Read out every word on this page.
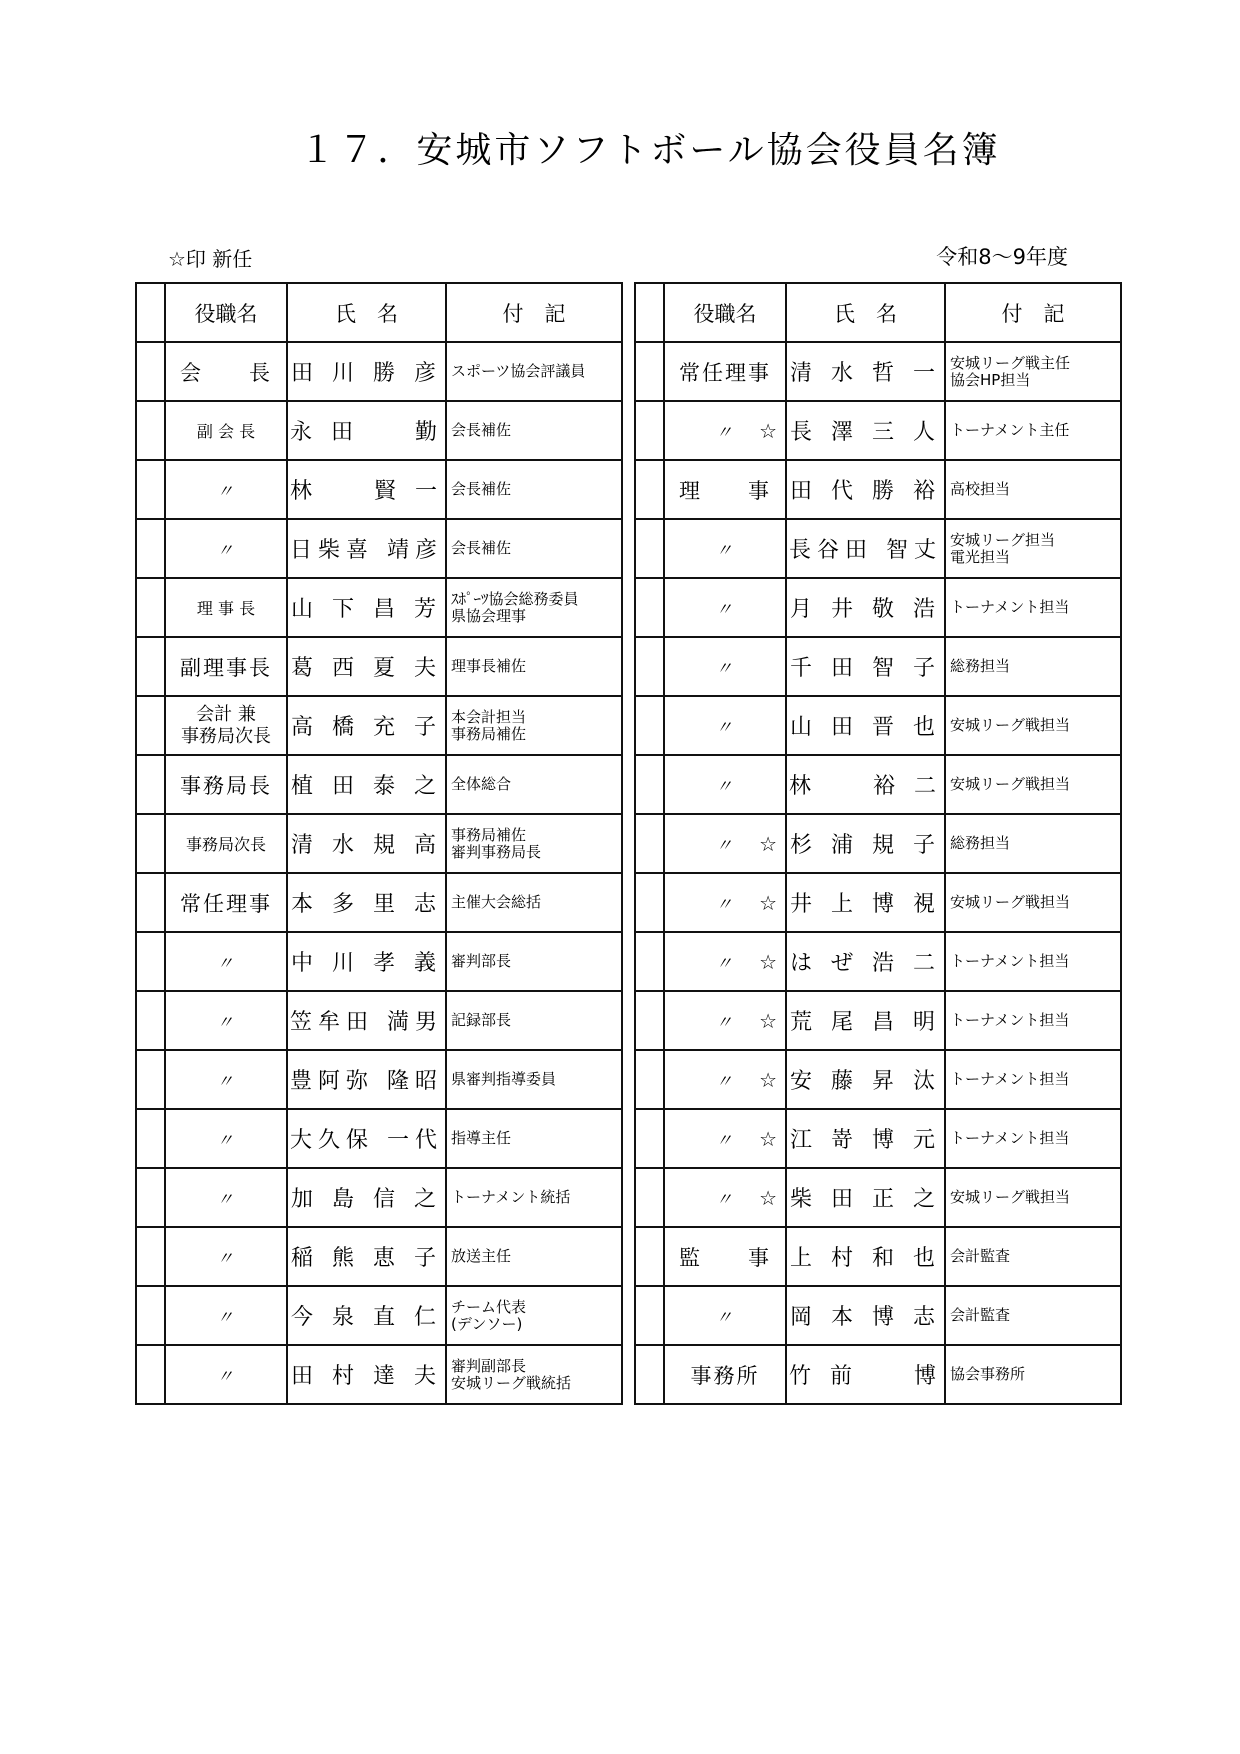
１７．安城市ソフトボール協会役員名簿
☆印 新任	令和8～9年度
	役職名	氏　名	付　記

	会　　長	田 川 勝 彦	スポーツ協会評議員

	副 会 長	永 田　　勤	会長補佐

	〃	林　　賢 一	会長補佐

	〃	日柴喜 靖彦	会長補佐

	理 事 長	山 下 昌 芳	ｽﾎﾟｰﾂ協会総務委員
県協会理事

	副理事長	葛 西 夏 夫	理事長補佐

	会計 兼
事務局次長	高 橋 充 子	本会計担当
事務局補佐

	事務局長	植 田 泰 之	全体総合

	事務局次長	清 水 規 高	事務局補佐
審判事務局長

	常任理事	本 多 里 志	主催大会総括

	〃	中 川 孝 義	審判部長

	〃	笠牟田 満男	記録部長

	〃	豊阿弥 隆昭	県審判指導委員

	〃	大久保 一代	指導主任

	〃	加 島 信 之	トーナメント統括

	〃	稲 熊 恵 子	放送主任

	〃	今 泉 直 仁	チーム代表
(デンソー)

	〃	田 村 達 夫	審判副部長
安城リーグ戦統括
	役職名	氏　名	付　記

	常任理事	清 水 哲 一	安城リーグ戦主任
協会HP担当

	〃 ☆	長 澤 三 人	トーナメント主任

	理　　事	田 代 勝 裕	高校担当

	〃	長谷田 智丈	安城リーグ担当
電光担当

	〃	月 井 敬 浩	トーナメント担当

	〃	千 田 智 子	総務担当

	〃	山 田 晋 也	安城リーグ戦担当

	〃	林　　裕 二	安城リーグ戦担当

	〃 ☆	杉 浦 規 子	総務担当

	〃 ☆	井 上 博 視	安城リーグ戦担当

	〃 ☆	は ぜ 浩 二	トーナメント担当

	〃 ☆	荒 尾 昌 明	トーナメント担当

	〃 ☆	安 藤 昇 汰	トーナメント担当

	〃 ☆	江 嵜 博 元	トーナメント担当

	〃 ☆	柴 田 正 之	安城リーグ戦担当

	監　　事	上 村 和 也	会計監査

	〃	岡 本 博 志	会計監査

	事務所	竹 前　　博	協会事務所
